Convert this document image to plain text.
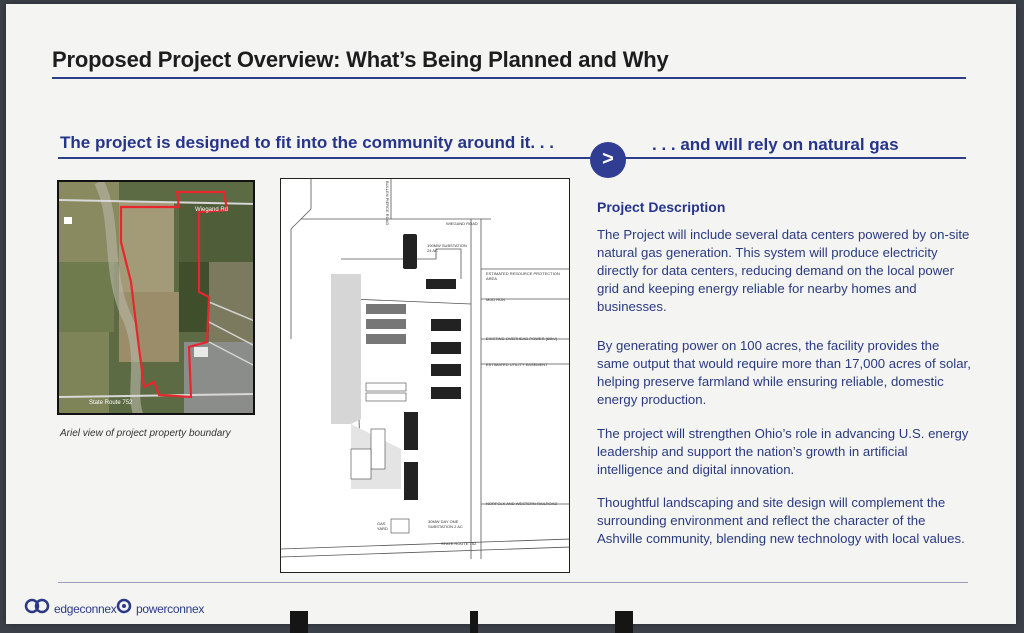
Proposed Project Overview: What’s Being Planned and Why
The project is designed to fit into the community around it. . .	. . . and will rely on natural gas
>
Wiegand Rd
State Route 752
Ariel view of project property boundary
WIEGAND ROAD
190MW SUBSTATION 24 AC
ESTIMATED RESOURCE PROTECTION AREA
MUD RUN
EXISTING OVERHEAD POWER (69kV)
ESTIMATED UTILITY EASEMENT
NORFOLK AND WESTERN RAILROAD
GAS YARD
30MW DAY ONE SUBSTATION 2 AC
STATE ROUTE 752
BULLEN PIERCE ROAD	Project Description
The Project will include several data centers powered by on-site natural gas generation. This system will produce electricity directly for data centers, reducing demand on the local power grid and keeping energy reliable for nearby homes and businesses.
By generating power on 100 acres, the facility provides the same output that would require more than 17,000 acres of solar, helping preserve farmland while ensuring reliable, domestic energy production.
The project will strengthen Ohio’s role in advancing U.S. energy leadership and support the nation’s growth in artificial intelligence and digital innovation.
Thoughtful landscaping and site design will complement the surrounding environment and reflect the character of the Ashville community, blending new technology with local values.
edgeconnex powerconnex
